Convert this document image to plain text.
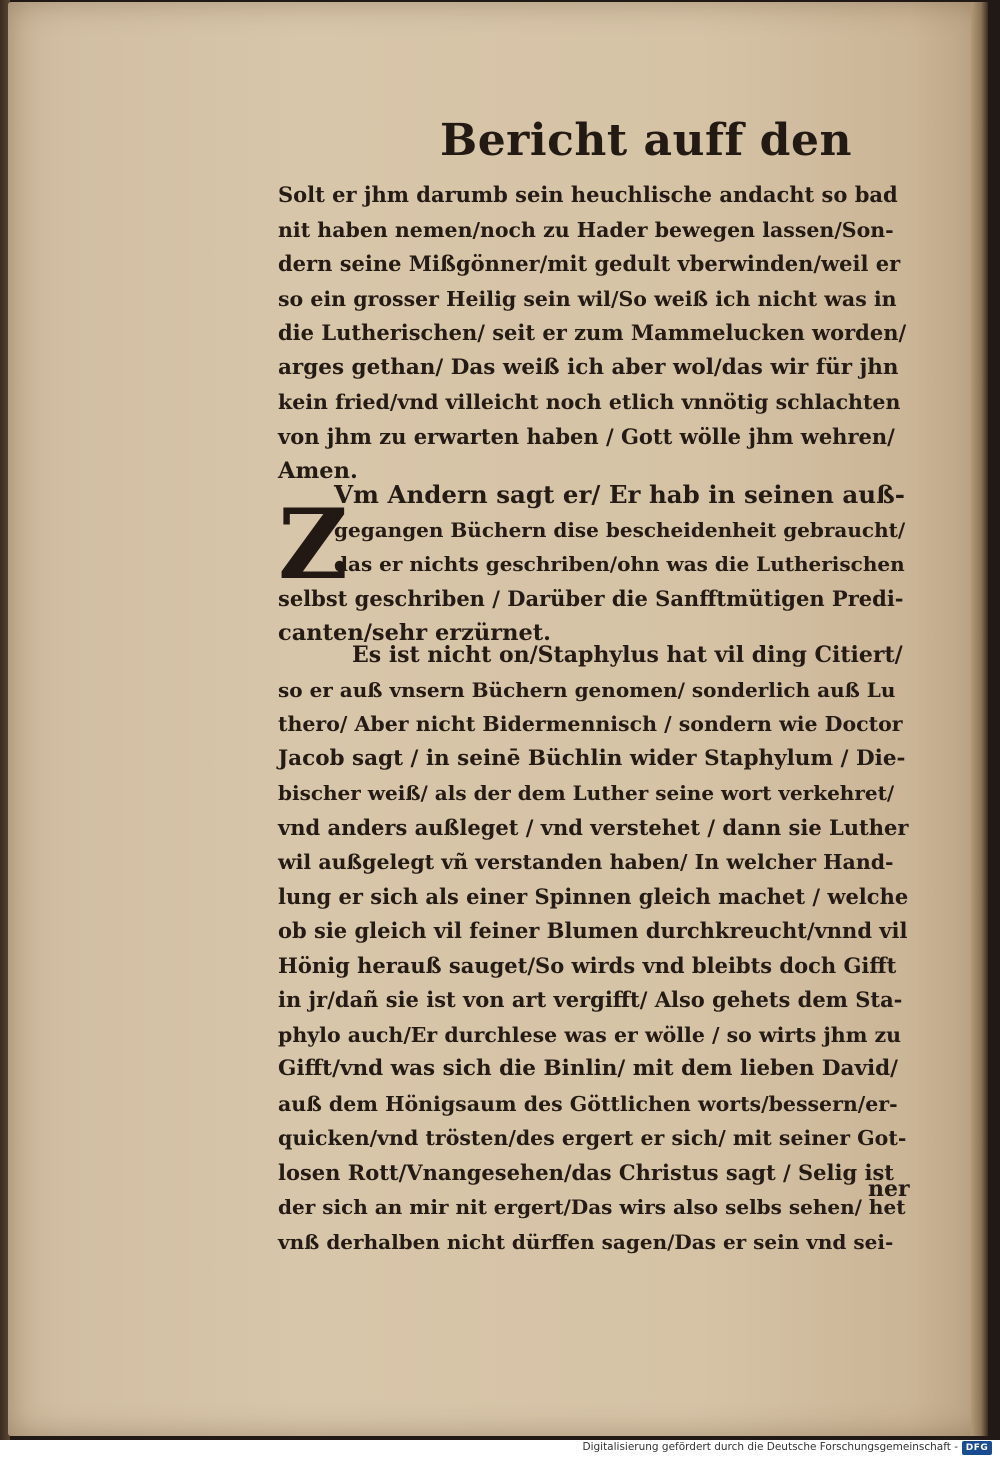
Bericht auff den
Solt er jhm darumb sein heuchlische andacht so bad
nit haben nemen/noch zu Hader bewegen lassen/Son-
dern seine Mißgönner/mit gedult vberwinden/weil er
so ein grosser Heilig sein wil/So weiß ich nicht was in
die Lutherischen/ seit er zum Mammelucken worden/
arges gethan/ Das weiß ich aber wol/das wir für jhn
kein fried/vnd villeicht noch etlich vnnötig schlachten
von jhm zu erwarten haben / Gott wölle jhm wehren/
Amen.
Z
Vm Andern sagt er/ Er hab in seinen auß-
gegangen Büchern dise bescheidenheit gebraucht/
das er nichts geschriben/ohn was die Lutherischen
selbst geschriben / Darüber die Sanfftmütigen Predi-
canten/sehr erzürnet.
Es ist nicht on/Staphylus hat vil ding Citiert/
so er auß vnsern Büchern genomen/ sonderlich auß Lu
thero/ Aber nicht Bidermennisch / sondern wie Doctor
Jacob sagt / in seinē Büchlin wider Staphylum / Die-
bischer weiß/ als der dem Luther seine wort verkehret/
vnd anders außleget / vnd verstehet / dann sie Luther
wil außgelegt vñ verstanden haben/ In welcher Hand-
lung er sich als einer Spinnen gleich machet / welche
ob sie gleich vil feiner Blumen durchkreucht/vnnd vil
Hönig herauß sauget/So wirds vnd bleibts doch Gifft
in jr/dañ sie ist von art vergifft/ Also gehets dem Sta-
phylo auch/Er durchlese was er wölle / so wirts jhm zu
Gifft/vnd was sich die Binlin/ mit dem lieben David/
auß dem Hönigsaum des Göttlichen worts/bessern/er-
quicken/vnd trösten/des ergert er sich/ mit seiner Got-
losen Rott/Vnangesehen/das Christus sagt / Selig ist
der sich an mir nit ergert/Das wirs also selbs sehen/ het
vnß derhalben nicht dürffen sagen/Das er sein vnd sei-
ner
Digitalisierung gefördert durch die Deutsche Forschungsgemeinschaft - DFG
